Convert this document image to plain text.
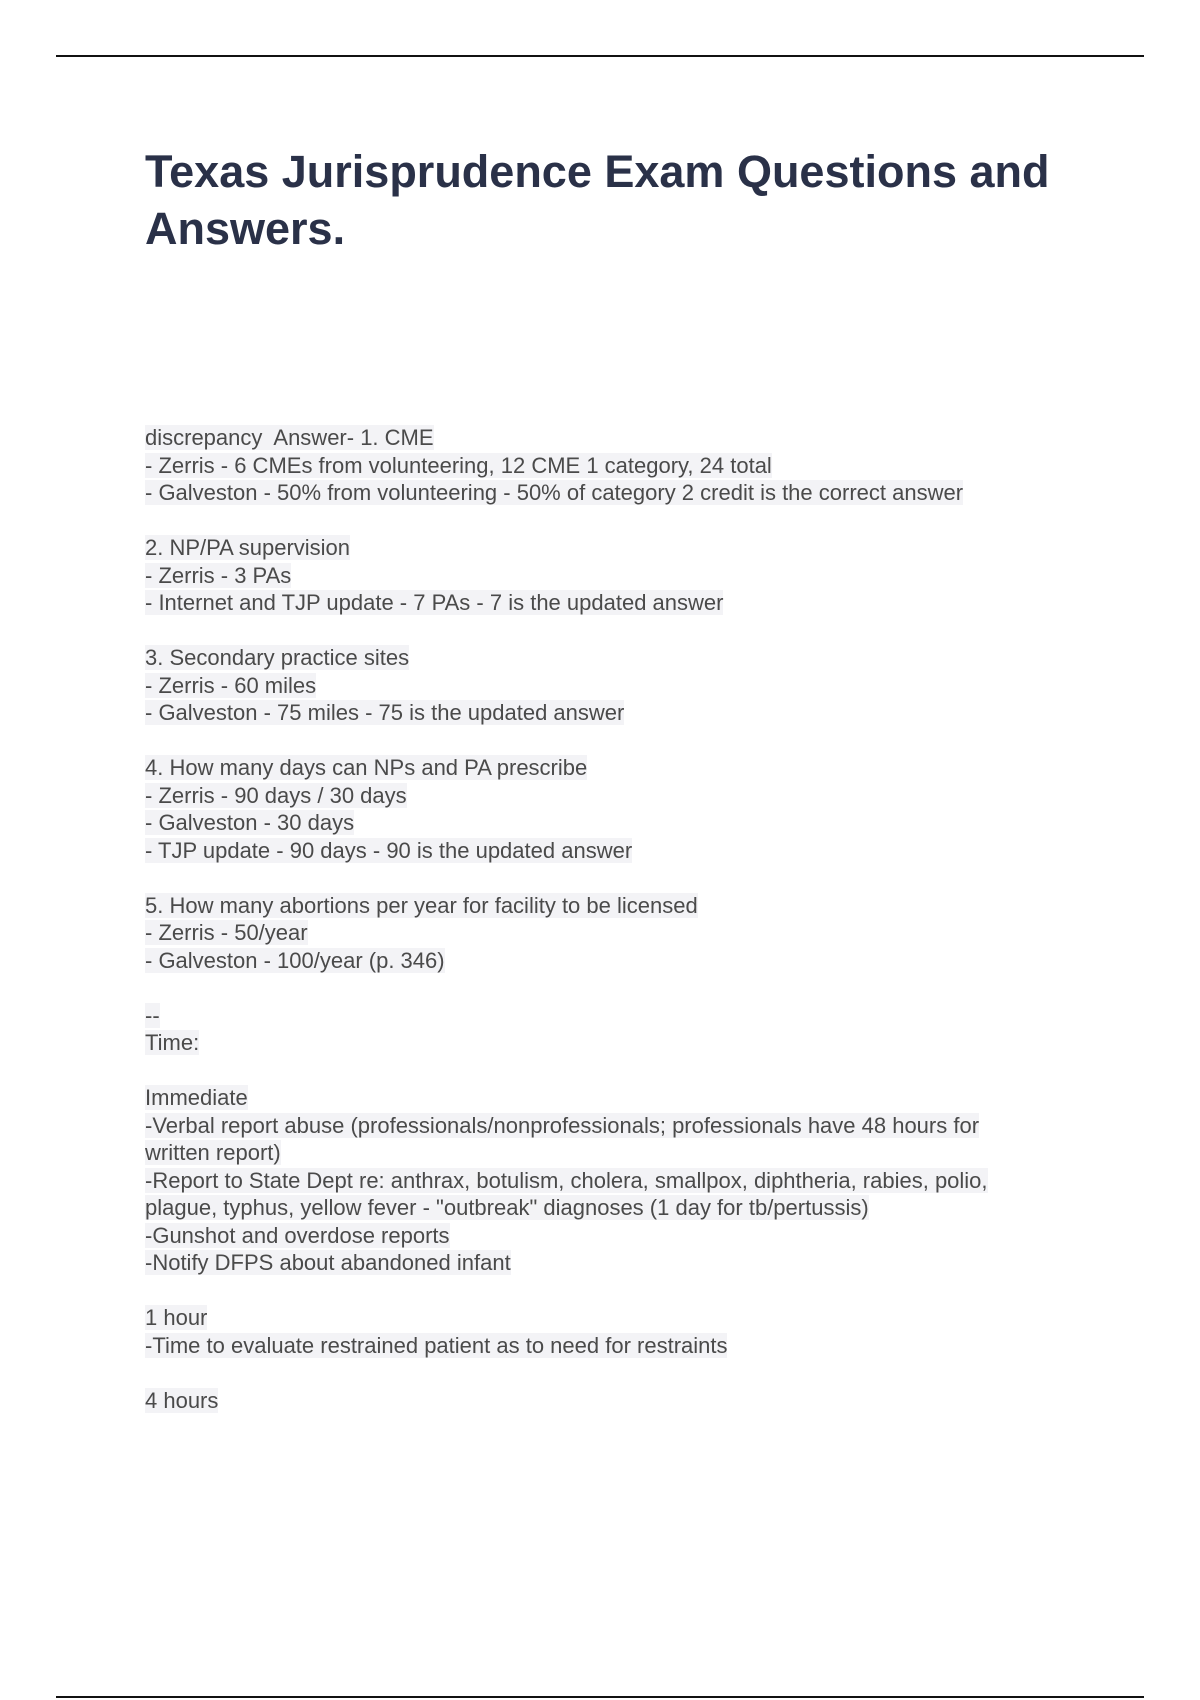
Texas Jurisprudence Exam Questions and Answers.
discrepancy  Answer- 1. CME
- Zerris - 6 CMEs from volunteering, 12 CME 1 category, 24 total
- Galveston - 50% from volunteering - 50% of category 2 credit is the correct answer
2. NP/PA supervision
- Zerris - 3 PAs
- Internet and TJP update - 7 PAs - 7 is the updated answer
3. Secondary practice sites
- Zerris - 60 miles
- Galveston - 75 miles - 75 is the updated answer
4. How many days can NPs and PA prescribe
- Zerris - 90 days / 30 days
- Galveston - 30 days
- TJP update - 90 days - 90 is the updated answer
5. How many abortions per year for facility to be licensed
- Zerris - 50/year
- Galveston - 100/year (p. 346)
--
Time:
Immediate
-Verbal report abuse (professionals/nonprofessionals; professionals have 48 hours for
written report)
-Report to State Dept re: anthrax, botulism, cholera, smallpox, diphtheria, rabies, polio,
plague, typhus, yellow fever - "outbreak" diagnoses (1 day for tb/pertussis)
-Gunshot and overdose reports
-Notify DFPS about abandoned infant
1 hour
-Time to evaluate restrained patient as to need for restraints
4 hours
